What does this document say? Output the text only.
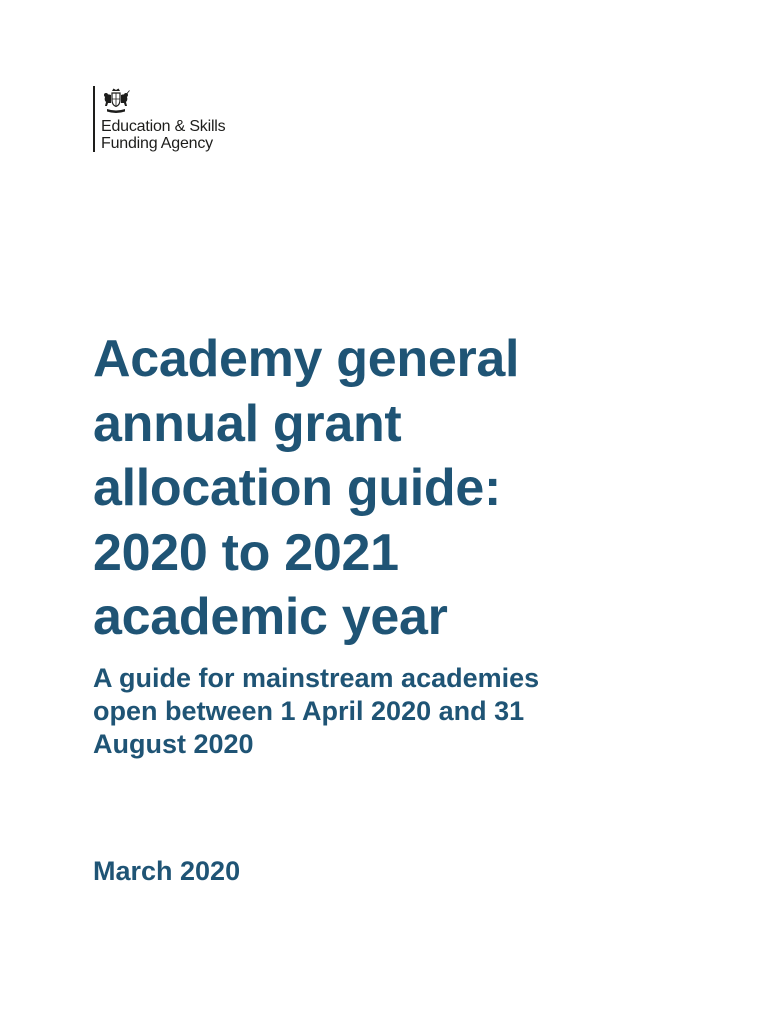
Education & Skills
Funding Agency
Academy general
annual grant
allocation guide:
2020 to 2021
academic year
A guide for mainstream academies
open between 1 April 2020 and 31
August 2020

March 2020
